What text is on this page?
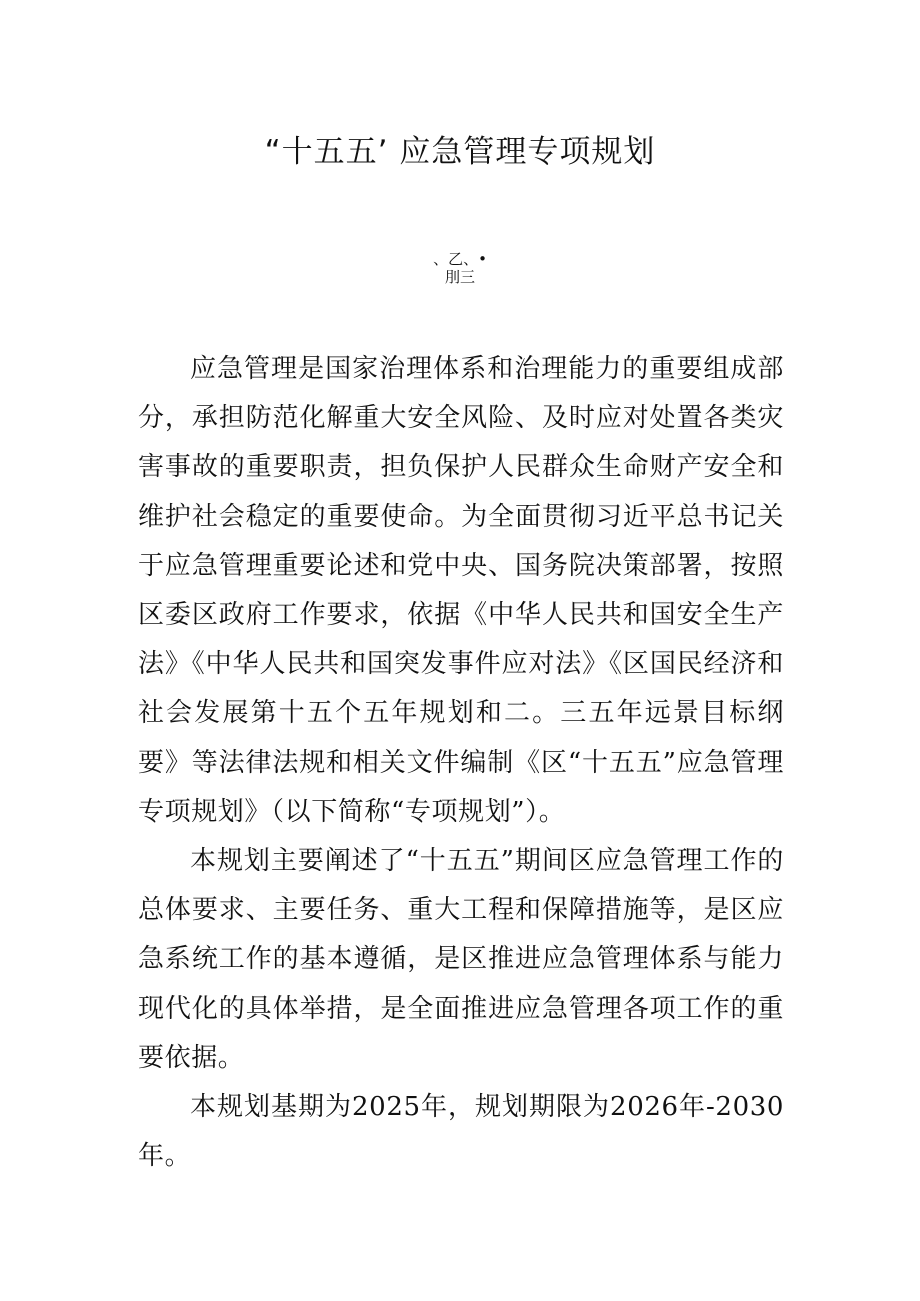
“十五五’ 应急管理专项规划
、乙、•
刖三

应急管理是国家治理体系和治理能力的重要组成部分，承担防范化解重大安全风险、及时应对处置各类灾害事故的重要职责，担负保护人民群众生命财产安全和维护社会稳定的重要使命。为全面贯彻习近平总书记关于应急管理重要论述和党中央、国务院决策部署，按照区委区政府工作要求，依据《中华人民共和国安全生产法》《中华人民共和国突发事件应对法》《区国民经济和社会发展第十五个五年规划和二。三五年远景目标纲要》等法律法规和相关文件编制《区“十五五”应急管理专项规划》（以下简称“专项规划”）。

本规划主要阐述了“十五五”期间区应急管理工作的总体要求、主要任务、重大工程和保障措施等，是区应急系统工作的基本遵循，是区推进应急管理体系与能力现代化的具体举措，是全面推进应急管理各项工作的重要依据。

本规划基期为2025年，规划期限为2026年-2030年。
